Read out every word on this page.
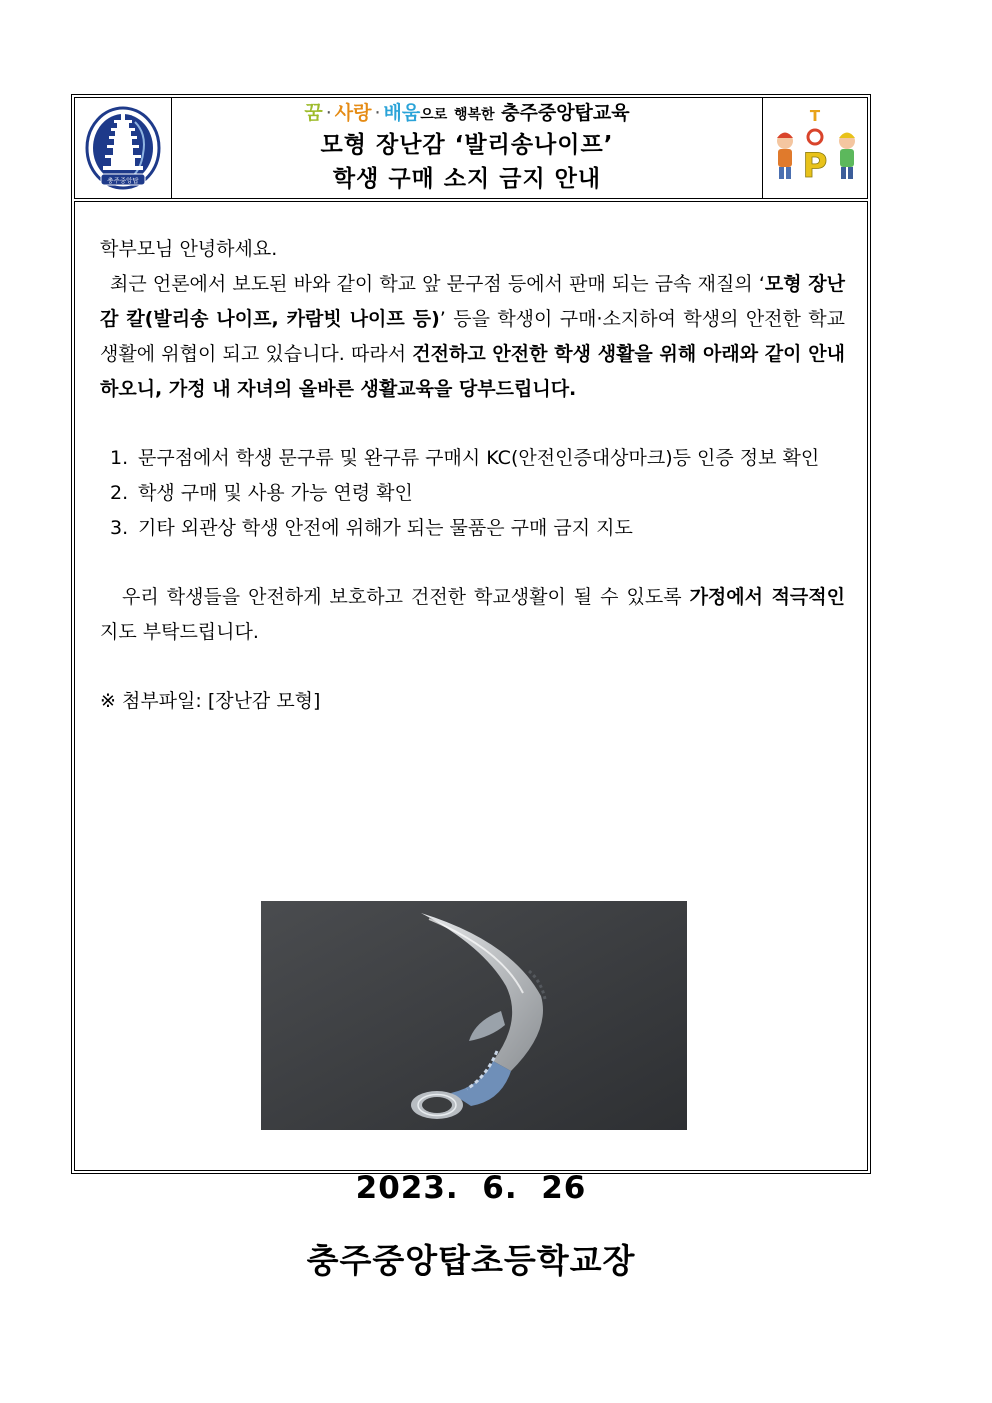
충주중앙탑
꿈 · 사랑 · 배움으로 행복한 충주중앙탑교육
모형 장난감 ‘발리송나이프’
학생 구매 소지 금지 안내
T
P

학부모님 안녕하세요.

최근 언론에서 보도된 바와 같이 학교 앞 문구점 등에서 판매 되는 금속 재질의 ‘모형 장난감 칼(발리송 나이프, 카람빗 나이프 등)’ 등을 학생이 구매·소지하여 학생의 안전한 학교 생활에 위협이 되고 있습니다. 따라서 건전하고 안전한 학생 생활을 위해 아래와 같이 안내하오니, 가정 내 자녀의 올바른 생활교육을 당부드립니다.

1. 문구점에서 학생 문구류 및 완구류 구매시 KC(안전인증대상마크)등 인증 정보 확인
2. 학생 구매 및 사용 가능 연령 확인
3. 기타 외관상 학생 안전에 위해가 되는 물품은 구매 금지 지도

우리 학생들을 안전하게 보호하고 건전한 학교생활이 될 수 있도록 가정에서 적극적인 지도 부탁드립니다.

※ 첨부파일: [장난감 모형]

2023.  6.  26
충주중앙탑초등학교장
